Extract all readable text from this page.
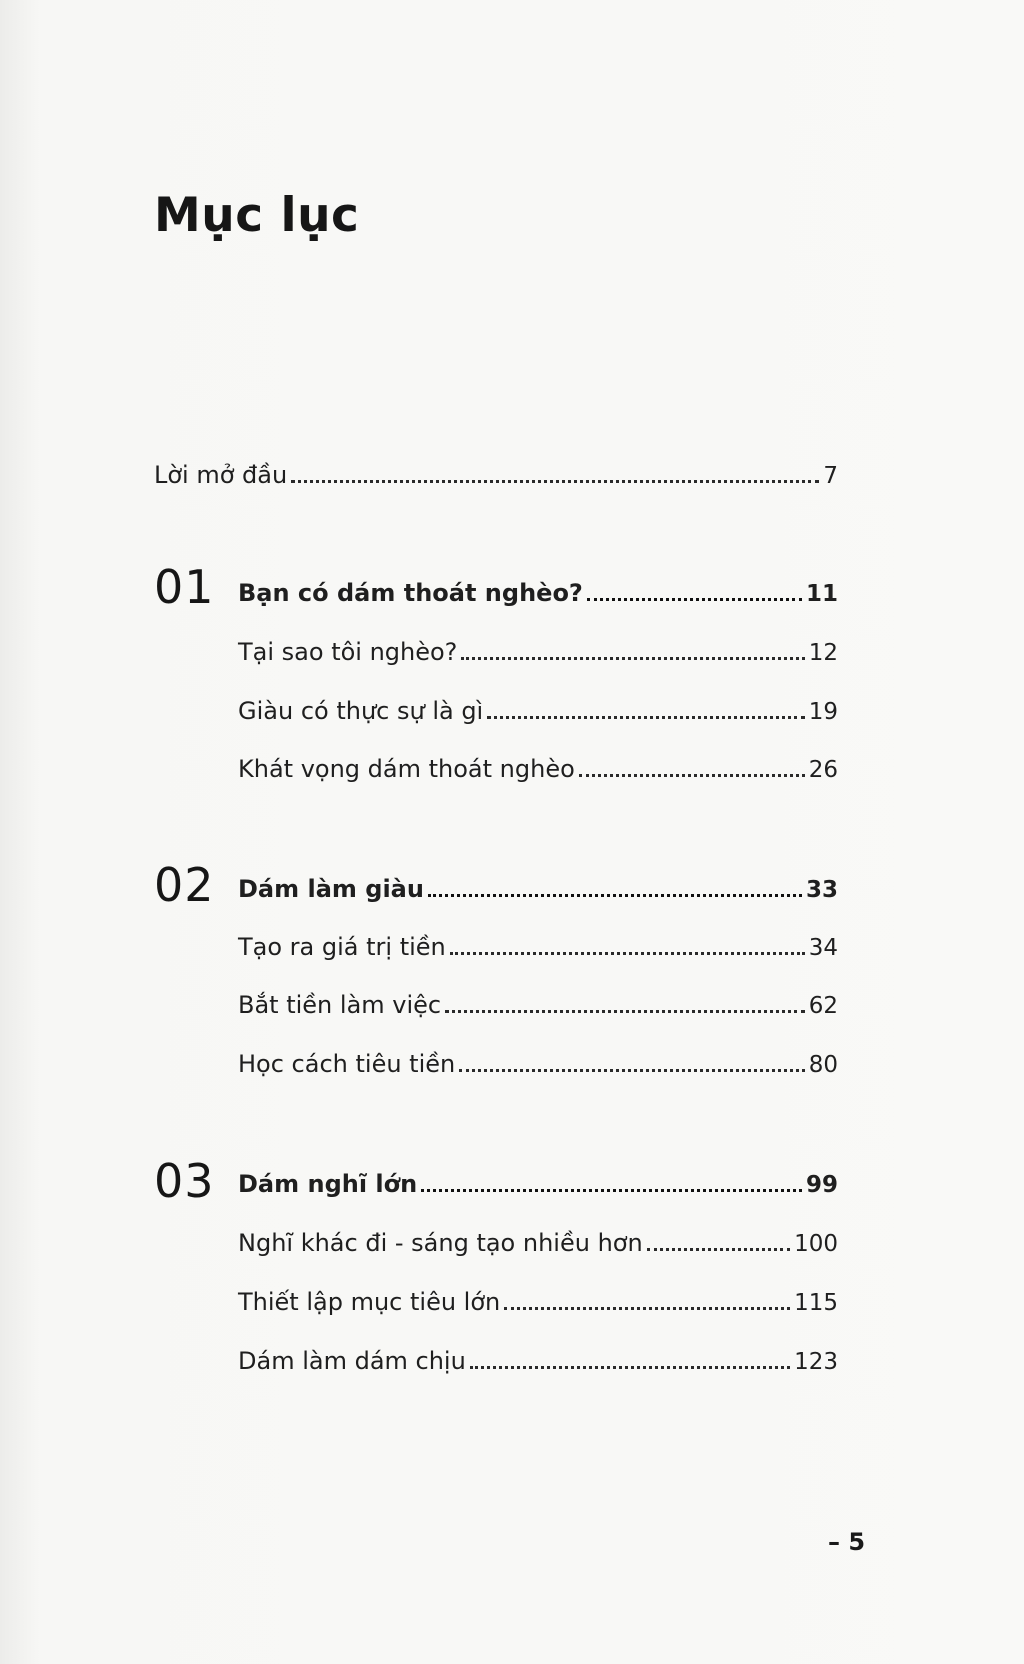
Mục lục
Lời mở đầu	7
01 Bạn có dám thoát nghèo?	11
Tại sao tôi nghèo?	12
Giàu có thực sự là gì	19
Khát vọng dám thoát nghèo	26
02 Dám làm giàu	33
Tạo ra giá trị tiền	34
Bắt tiền làm việc	62
Học cách tiêu tiền	80
03 Dám nghĩ lớn	99
Nghĩ khác đi - sáng tạo nhiều hơn	100
Thiết lập mục tiêu lớn	115
Dám làm dám chịu	123
– 5
